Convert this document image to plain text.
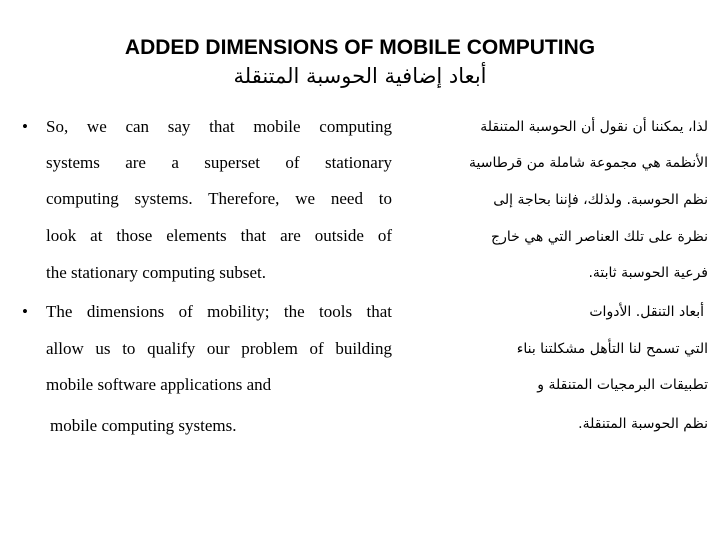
ADDED DIMENSIONS OF MOBILE COMPUTING
أبعاد إضافية الحوسبة المتنقلة
• So, we can say that mobile computing
systems are a superset of stationary
computing systems. Therefore, we need to
look at those elements that are outside of
the stationary computing subset.
• The dimensions of mobility; the tools that
allow us to qualify our problem of building
mobile software applications and
mobile computing systems.
لذا، يمكننا أن نقول أن الحوسبة المتنقلة
الأنظمة هي مجموعة شاملة من قرطاسية
نظم الحوسبة. ولذلك، فإننا بحاجة إلى
نظرة على تلك العناصر التي هي خارج
فرعية الحوسبة ثابتة.
أبعاد التنقل. الأدوات
التي تسمح لنا التأهل مشكلتنا بناء
تطبيقات البرمجيات المتنقلة و
نظم الحوسبة المتنقلة.
